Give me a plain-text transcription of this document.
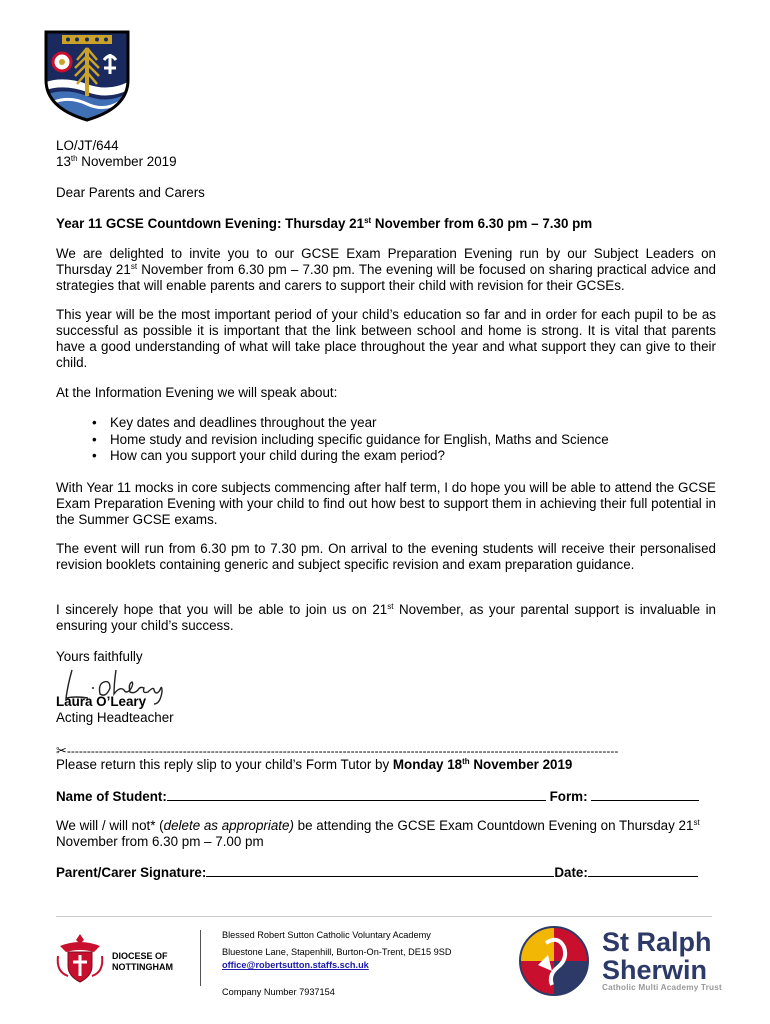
LO/JT/644
13th November 2019
Dear Parents and Carers
Year 11 GCSE Countdown Evening: Thursday 21st November from 6.30 pm – 7.30 pm
We are delighted to invite you to our GCSE Exam Preparation Evening run by our Subject Leaders on Thursday 21st November from 6.30 pm – 7.30 pm. The evening will be focused on sharing practical advice and strategies that will enable parents and carers to support their child with revision for their GCSEs.
This year will be the most important period of your child’s education so far and in order for each pupil to be as successful as possible it is important that the link between school and home is strong. It is vital that parents have a good understanding of what will take place throughout the year and what support they can give to their child.
At the Information Evening we will speak about:
• Key dates and deadlines throughout the year
• Home study and revision including specific guidance for English, Maths and Science
• How can you support your child during the exam period?
With Year 11 mocks in core subjects commencing after half term, I do hope you will be able to attend the GCSE Exam Preparation Evening with your child to find out how best to support them in achieving their full potential in the Summer GCSE exams.
The event will run from 6.30 pm to 7.30 pm. On arrival to the evening students will receive their personalised revision booklets containing generic and subject specific revision and exam preparation guidance.
I sincerely hope that you will be able to join us on 21st November, as your parental support is invaluable in ensuring your child’s success.
Yours faithfully
Laura O’Leary
Acting Headteacher
✂------------------------------------------------------------------------------------------------------------------------------------------
Please return this reply slip to your child’s Form Tutor by Monday 18th November 2019
Name of Student:	Form:
We will / will not* (delete as appropriate) be attending the GCSE Exam Countdown Evening on Thursday 21st November from 6.30 pm – 7.00 pm
Parent/Carer Signature:	Date:
DIOCESE OF
NOTTINGHAM
Blessed Robert Sutton Catholic Voluntary Academy
Bluestone Lane, Stapenhill, Burton-On-Trent, DE15 9SD
office@robertsutton.staffs.sch.uk
Company Number 7937154
St Ralph
Sherwin
Catholic Multi Academy Trust
